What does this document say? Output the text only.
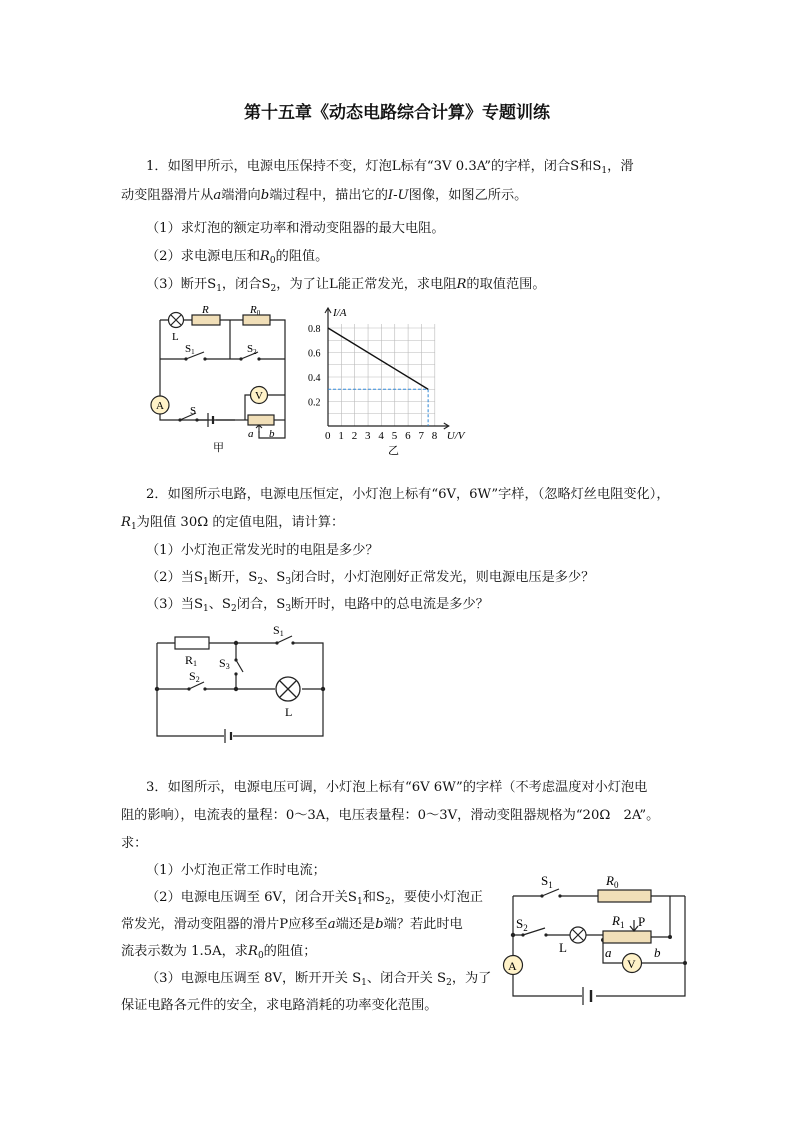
第十五章《动态电路综合计算》专题训练
1．如图甲所示，电源电压保持不变，灯泡L标有“3V 0.3A”的字样，闭合S和$S_1$，滑
动变阻器滑片从a端滑向b端过程中，描出它的I-U图像，如图乙所示。
（1）求灯泡的额定功率和滑动变阻器的最大电阻。
（2）求电源电压和$R_0$的阻值。
（3）断开$S_1$，闭合$S_2$，为了让L能正常发光，求电阻R的取值范围。
A
V
R	R0
L
S1	S2
S
a b
甲
0 1 2 3 4 5 6 7 8
0.2
0.4
0.6
0.8
U/V
I/A
乙
2．如图所示电路，电源电压恒定，小灯泡上标有“6V，6W”字样，（忽略灯丝电阻变化），
$R_1$为阻值 30Ω 的定值电阻，请计算：
（1）小灯泡正常发光时的电阻是多少？
（2）当$S_1$断开，$S_2$、$S_3$闭合时，小灯泡刚好正常发光，则电源电压是多少？
（3）当$S_1$、$S_2$闭合，$S_3$断开时，电路中的总电流是多少？
R1
S1
S3
S2
L
3．如图所示，电源电压可调，小灯泡上标有“6V 6W”的字样（不考虑温度对小灯泡电
阻的影响），电流表的量程：0～3A，电压表量程：0～3V，滑动变阻器规格为“20Ω　2A”。
求：
（1）小灯泡正常工作时电流；
（2）电源电压调至 6V，闭合开关$S_1$和$S_2$，要使小灯泡正
常发光，滑动变阻器的滑片P应移至a端还是b端？若此时电
流表示数为 1.5A，求$R_0$的阻值；
（3）电源电压调至 8V，断开开关 $S_1$、闭合开关 $S_2$，为了
保证电路各元件的安全，求电路消耗的功率变化范围。
A	V
$S_1$	$R_0$
$S_2$	$R_1$ P
L	a	b
